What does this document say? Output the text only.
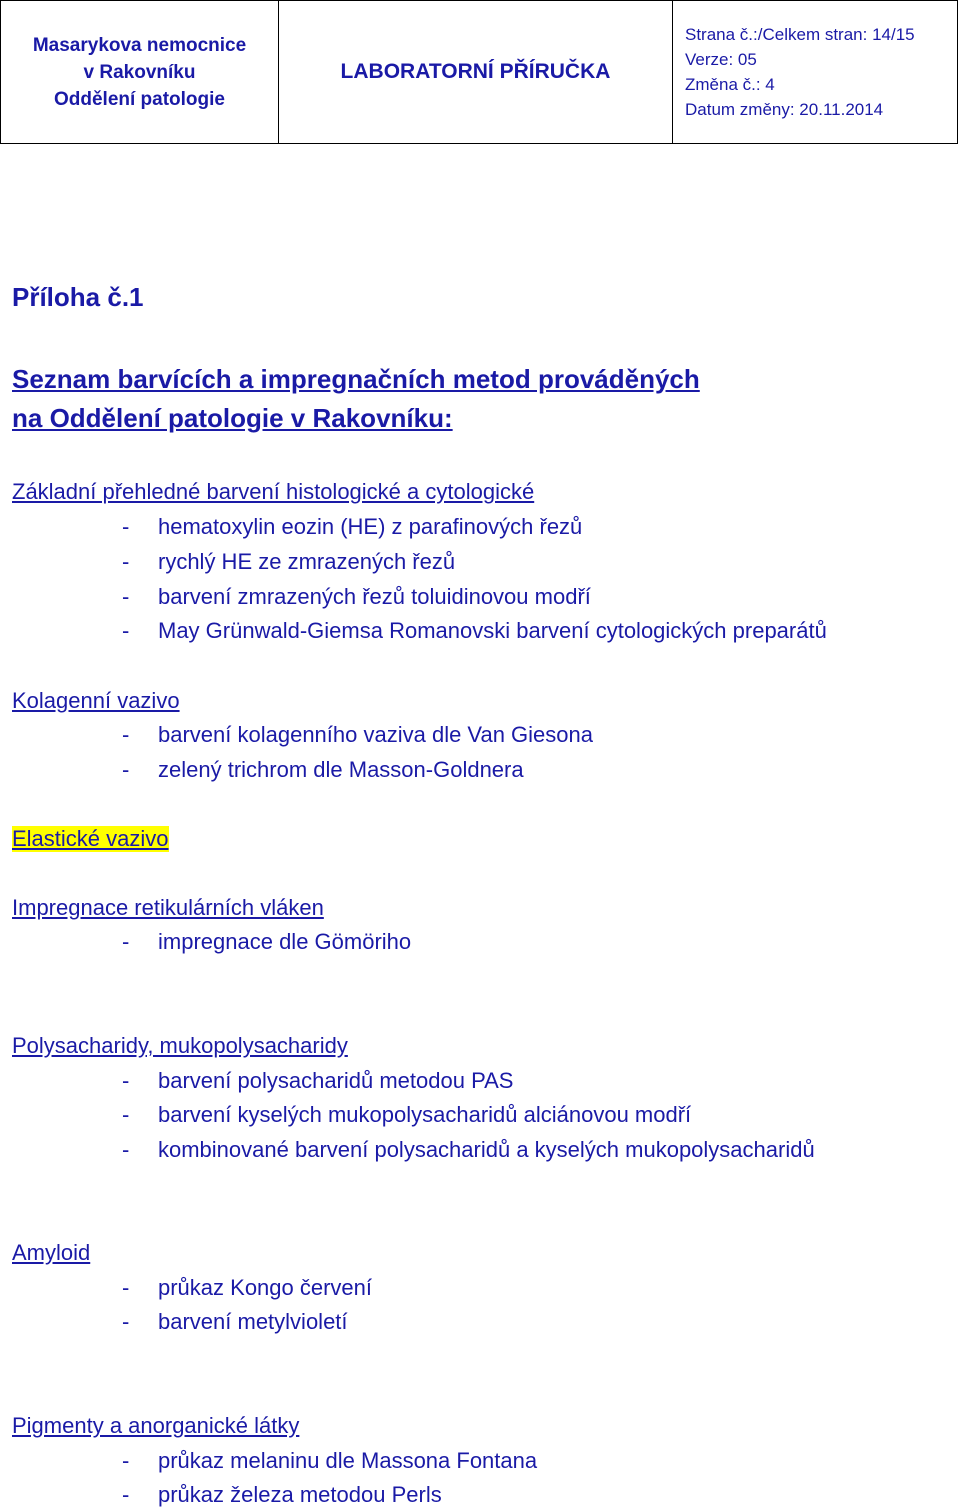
Masarykova nemocnice
v Rakovníku
Oddělení patologie
LABORATORNÍ PŘÍRUČKA
Strana č.:/Celkem stran: 14/15
Verze: 05
Změna č.: 4
Datum změny: 20.11.2014
Příloha č.1
Seznam barvících a impregnačních metod prováděných
na Oddělení patologie v Rakovníku:
Základní přehledné barvení histologické a cytologické
- hematoxylin eozin (HE) z parafinových řezů
- rychlý HE ze zmrazených řezů
- barvení zmrazených řezů toluidinovou modří
- May Grünwald-Giemsa Romanovski barvení cytologických preparátů
Kolagenní vazivo
- barvení kolagenního vaziva dle Van Giesona
- zelený trichrom dle Masson-Goldnera
Elastické vazivo
Impregnace retikulárních vláken
- impregnace dle Gömöriho
Polysacharidy, mukopolysacharidy
- barvení polysacharidů metodou PAS
- barvení kyselých mukopolysacharidů alciánovou modří
- kombinované barvení polysacharidů a kyselých mukopolysacharidů
Amyloid
- průkaz Kongo červení
- barvení metylvioletí
Pigmenty a anorganické látky
- průkaz melaninu dle Massona Fontana
- průkaz železa metodou Perls
